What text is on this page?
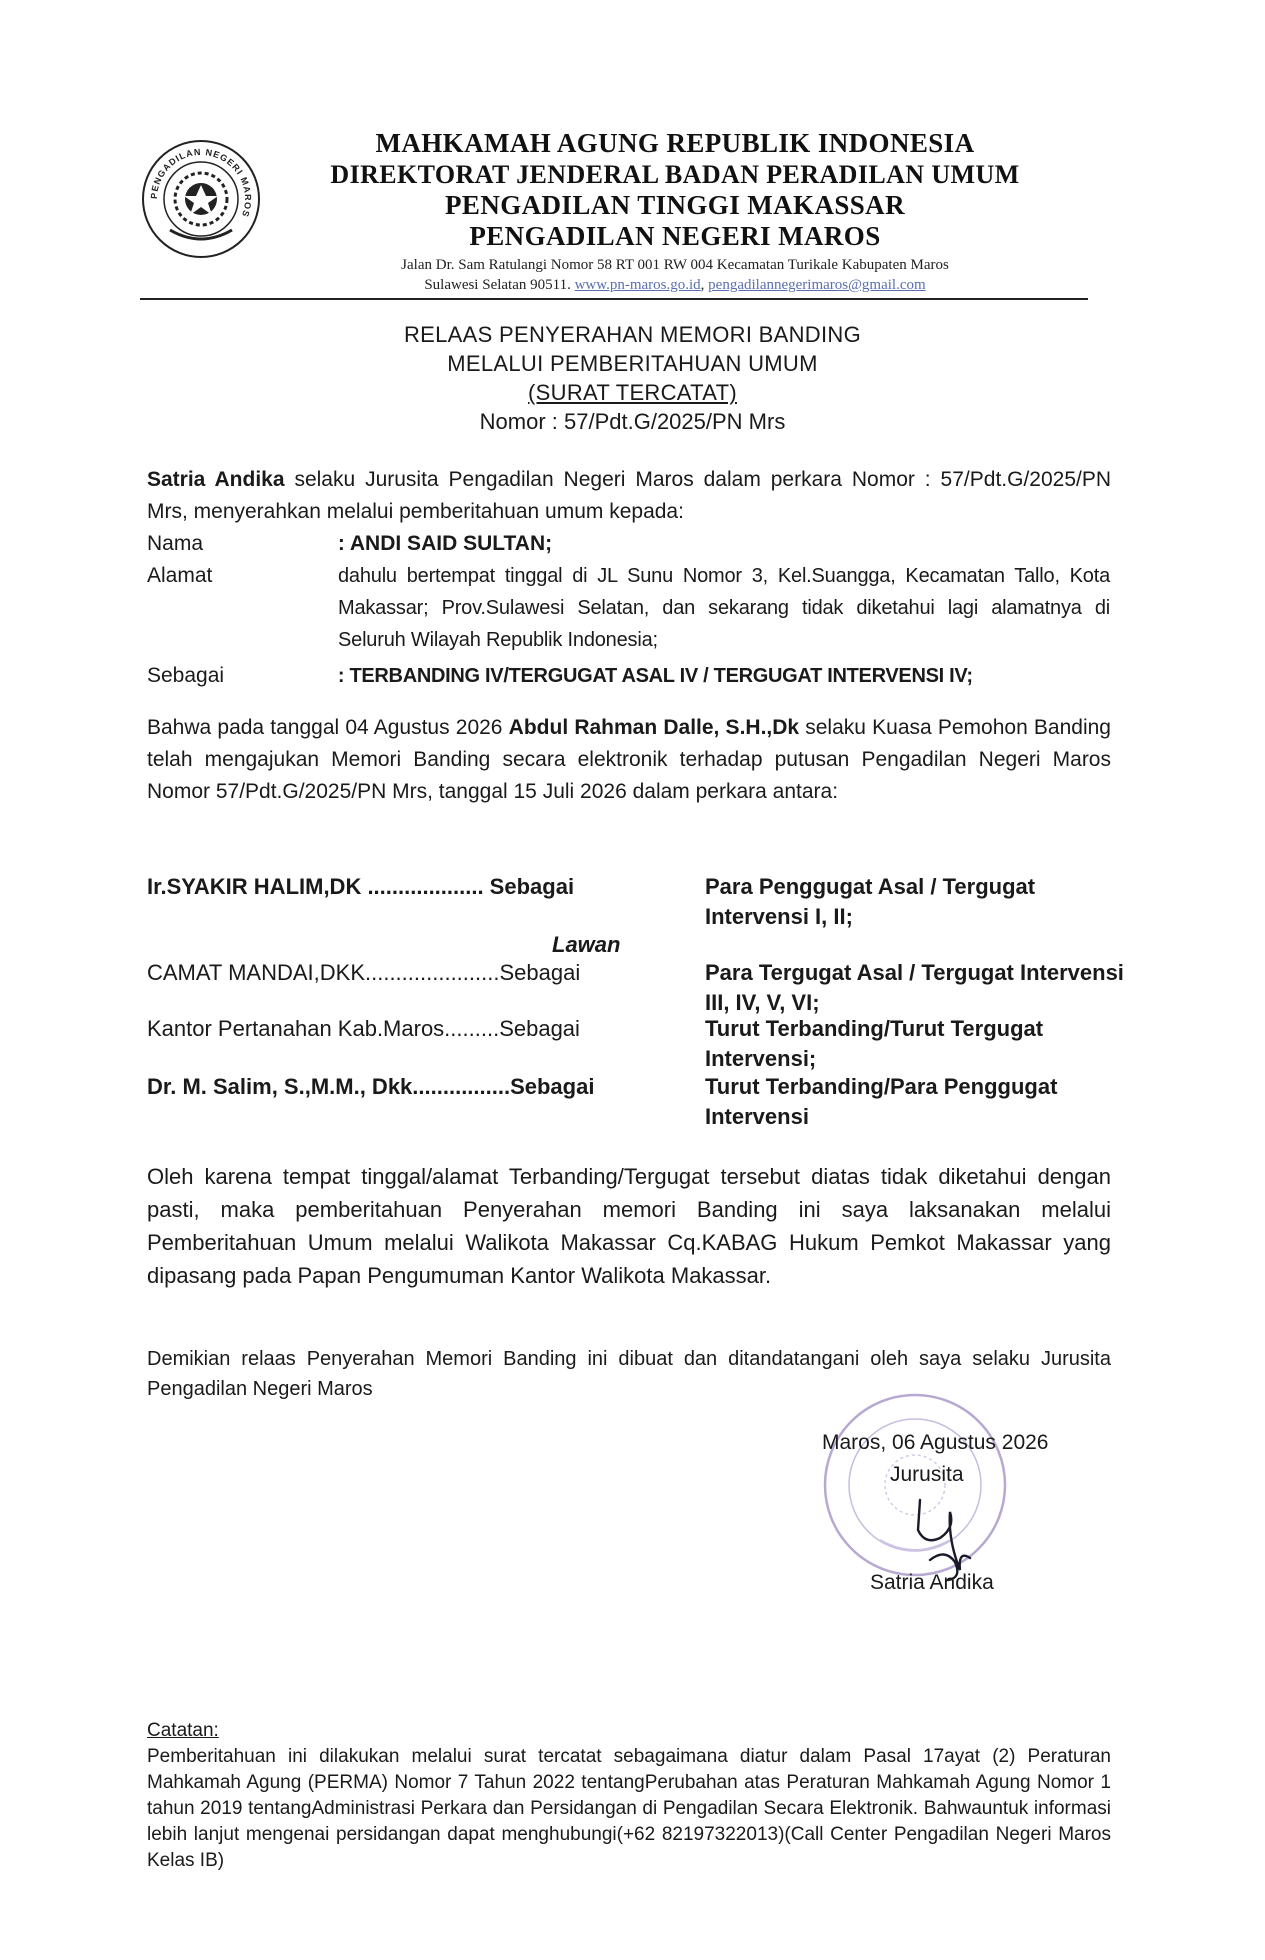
PENGADILAN NEGERI MAROS
MAHKAMAH AGUNG REPUBLIK INDONESIA
DIREKTORAT JENDERAL BADAN PERADILAN UMUM
PENGADILAN TINGGI MAKASSAR
PENGADILAN NEGERI MAROS
Jalan Dr. Sam Ratulangi Nomor 58 RT 001 RW 004 Kecamatan Turikale Kabupaten Maros
Sulawesi Selatan 90511. www.pn-maros.go.id, pengadilannegerimaros@gmail.com
RELAAS PENYERAHAN MEMORI BANDING
MELALUI PEMBERITAHUAN UMUM
(SURAT TERCATAT)
Nomor : 57/Pdt.G/2025/PN Mrs
Satria Andika selaku Jurusita Pengadilan Negeri Maros dalam perkara Nomor : 57/Pdt.G/2025/PN Mrs, menyerahkan melalui pemberitahuan umum kepada:
Nama	: ANDI SAID SULTAN;
Alamat	dahulu bertempat tinggal di JL Sunu Nomor 3, Kel.Suangga, Kecamatan Tallo, Kota Makassar; Prov.Sulawesi Selatan, dan sekarang tidak diketahui lagi alamatnya di Seluruh Wilayah Republik Indonesia;
Sebagai	: TERBANDING IV/TERGUGAT ASAL IV / TERGUGAT INTERVENSI IV;
Bahwa pada tanggal 04 Agustus 2026 Abdul Rahman Dalle, S.H.,Dk selaku Kuasa Pemohon Banding telah mengajukan Memori Banding secara elektronik terhadap putusan Pengadilan Negeri Maros Nomor 57/Pdt.G/2025/PN Mrs, tanggal 15 Juli 2026 dalam perkara antara:
Ir.SYAKIR HALIM,DK ................... Sebagai	Para Penggugat Asal / Tergugat Intervensi I, II;
Lawan
CAMAT MANDAI,DKK......................Sebagai	Para Tergugat Asal / Tergugat Intervensi III, IV, V, VI;
Kantor Pertanahan Kab.Maros.........Sebagai	Turut Terbanding/Turut Tergugat Intervensi;
Dr. M. Salim, S.,M.M., Dkk................Sebagai	Turut Terbanding/Para Penggugat Intervensi
Oleh karena tempat tinggal/alamat Terbanding/Tergugat tersebut diatas tidak diketahui dengan pasti, maka pemberitahuan Penyerahan memori Banding ini saya laksanakan melalui Pemberitahuan Umum melalui Walikota Makassar Cq.KABAG Hukum Pemkot Makassar yang dipasang pada Papan Pengumuman Kantor Walikota Makassar.
Demikian relaas Penyerahan Memori Banding ini dibuat dan ditandatangani oleh saya selaku Jurusita Pengadilan Negeri Maros
Maros, 06 Agustus 2026
Jurusita
Satria Andika
Catatan:
Pemberitahuan ini dilakukan melalui surat tercatat sebagaimana diatur dalam Pasal 17ayat (2) Peraturan Mahkamah Agung (PERMA) Nomor 7 Tahun 2022 tentangPerubahan atas Peraturan Mahkamah Agung Nomor 1 tahun 2019 tentangAdministrasi Perkara dan Persidangan di Pengadilan Secara Elektronik. Bahwauntuk informasi lebih lanjut mengenai persidangan dapat menghubungi(+62 82197322013)(Call Center Pengadilan Negeri Maros Kelas IB)
